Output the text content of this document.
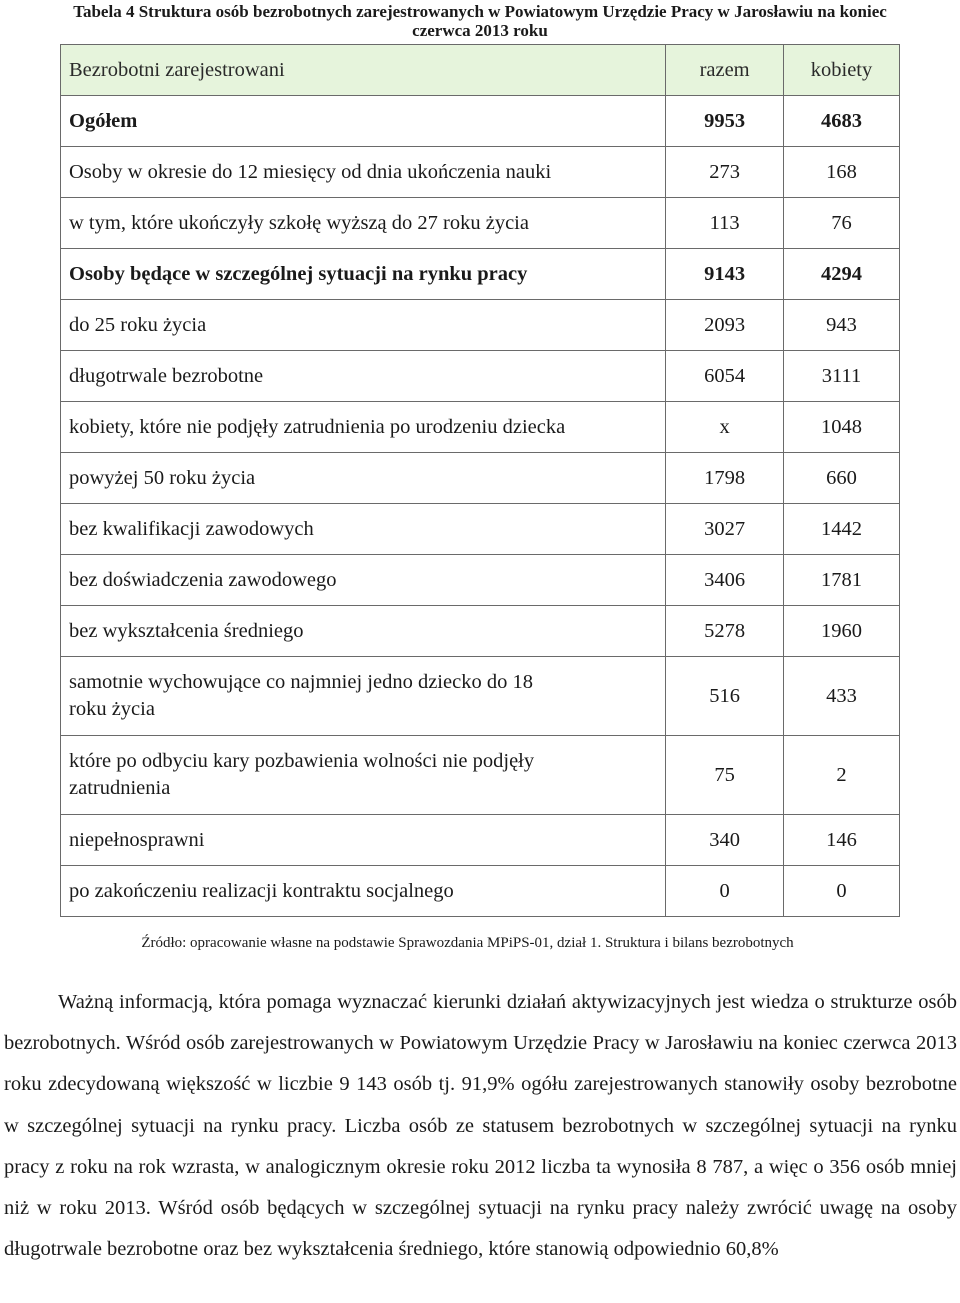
Tabela 4 Struktura osób bezrobotnych zarejestrowanych w Powiatowym Urzędzie Pracy w Jarosławiu na koniec
czerwca 2013 roku
Bezrobotni zarejestrowani	razem	kobiety
Ogółem	9953	4683
Osoby w okresie do 12 miesięcy od dnia ukończenia nauki	273	168
w tym, które ukończyły szkołę wyższą do 27 roku życia	113	76
Osoby będące w szczególnej sytuacji na rynku pracy	9143	4294
do 25 roku życia	2093	943
długotrwale bezrobotne	6054	3111
kobiety, które nie podjęły zatrudnienia po urodzeniu dziecka	x	1048
powyżej 50 roku życia	1798	660
bez kwalifikacji zawodowych	3027	1442
bez doświadczenia zawodowego	3406	1781
bez wykształcenia średniego	5278	1960
samotnie wychowujące co najmniej jedno dziecko do 18
roku życia	516	433
które po odbyciu kary pozbawienia wolności nie podjęły
zatrudnienia	75	2
niepełnosprawni	340	146
po zakończeniu realizacji kontraktu socjalnego	0	0
Źródło: opracowanie własne na podstawie Sprawozdania MPiPS-01, dział 1. Struktura i bilans bezrobotnych

Ważną informacją, która pomaga wyznaczać kierunki działań aktywizacyjnych jest wiedza o strukturze osób bezrobotnych. Wśród osób zarejestrowanych w Powiatowym Urzędzie Pracy w Jarosławiu na koniec czerwca 2013 roku zdecydowaną większość w liczbie 9 143 osób tj. 91,9% ogółu zarejestrowanych stanowiły osoby bezrobotne w szczególnej sytuacji na rynku pracy. Liczba osób ze statusem bezrobotnych w szczególnej sytuacji na rynku pracy z roku na rok wzrasta, w analogicznym okresie roku 2012 liczba ta wynosiła 8 787, a więc o 356 osób mniej niż w roku 2013. Wśród osób będących w szczególnej sytuacji na rynku pracy należy zwrócić uwagę na osoby długotrwale bezrobotne oraz bez wykształcenia średniego, które stanowią odpowiednio 60,8%
